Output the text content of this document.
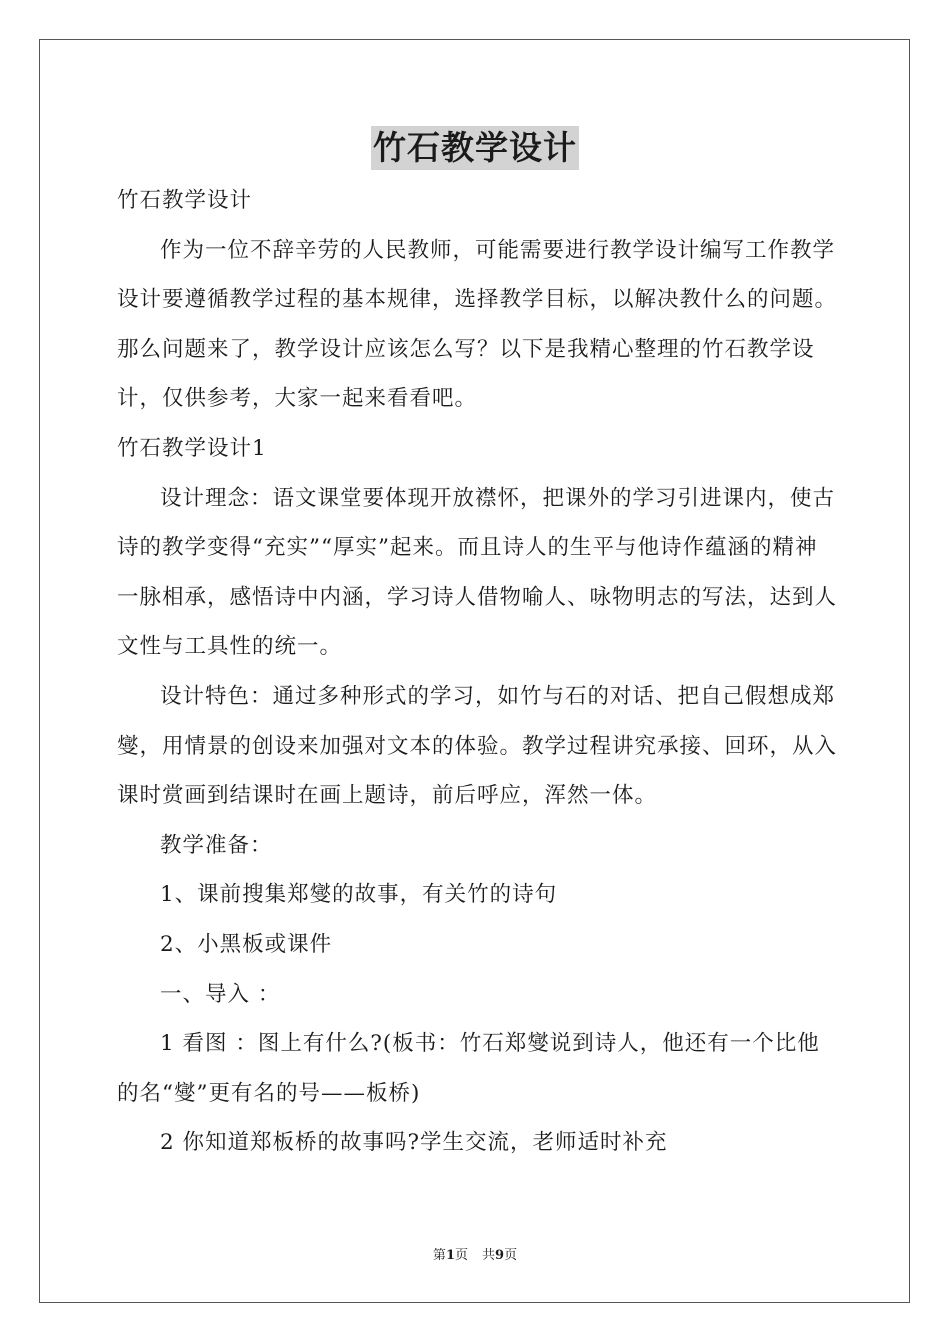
竹石教学设计

竹石教学设计

作为一位不辞辛劳的人民教师，可能需要进行教学设计编写工作教学设计要遵循教学过程的基本规律，选择教学目标，以解决教什么的问题。那么问题来了，教学设计应该怎么写？以下是我精心整理的竹石教学设计，仅供参考，大家一起来看看吧。

竹石教学设计1

设计理念：语文课堂要体现开放襟怀，把课外的学习引进课内，使古诗的教学变得“充实”“厚实”起来。而且诗人的生平与他诗作蕴涵的精神一脉相承，感悟诗中内涵，学习诗人借物喻人、咏物明志的写法，达到人文性与工具性的统一。

设计特色：通过多种形式的学习，如竹与石的对话、把自己假想成郑燮，用情景的创设来加强对文本的体验。教学过程讲究承接、回环，从入课时赏画到结课时在画上题诗，前后呼应，浑然一体。

教学准备：

1、课前搜集郑燮的故事，有关竹的诗句

2、小黑板或课件

一、导入 ：

1 看图 ：图上有什么?(板书：竹石郑燮说到诗人，他还有一个比他的名“燮”更有名的号——板桥)

2 你知道郑板桥的故事吗?学生交流，老师适时补充

第1页 共9页
